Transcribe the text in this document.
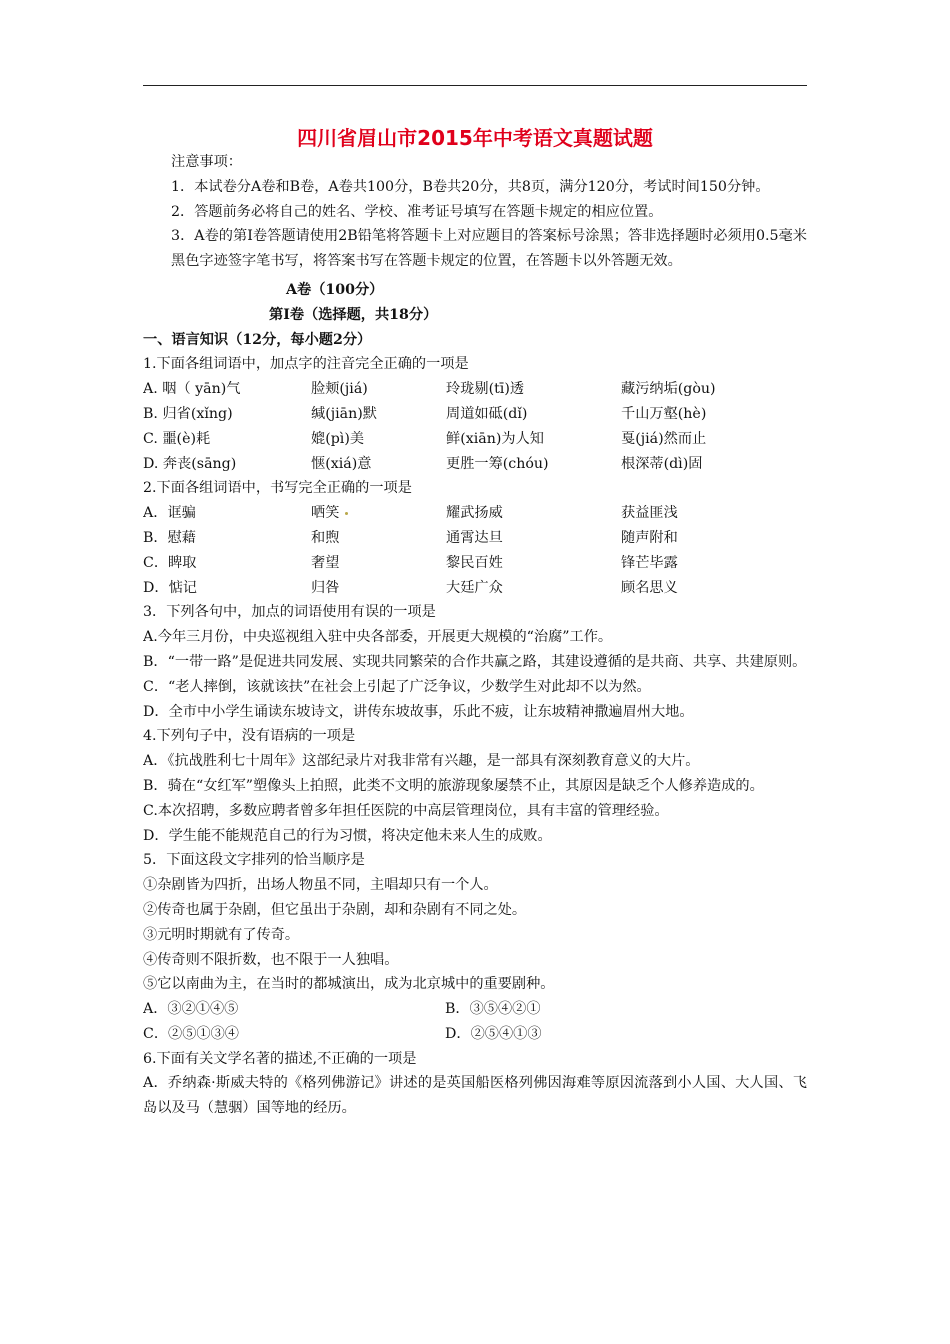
四川省眉山市2015年中考语文真题试题
注意事项：
1．本试卷分A卷和B卷，A卷共100分，B卷共20分，共8页，满分120分，考试时间150分钟。
2．答题前务必将自己的姓名、学校、准考证号填写在答题卡规定的相应位置。
3．A卷的第Ⅰ卷答题请使用2B铅笔将答题卡上对应题目的答案标号涂黑；答非选择题时必须用0.5毫米黑色字迹签字笔书写，将答案书写在答题卡规定的位置，在答题卡以外答题无效。
A卷（100分）
第Ⅰ卷（选择题，共18分）
一、语言知识（12分，每小题2分）
1.下面各组词语中，加点字的注音完全正确的一项是
A. 咽（ yān)气	脸颊(jiá)	玲珑剔(tī)透	藏污纳垢(gòu)
B. 归省(xǐng)	缄(jiān)默	周道如砥(dǐ)	千山万壑(hè)
C. 噩(è)耗	媲(pì)美	鲜(xiān)为人知	戛(jiá)然而止
D. 奔丧(sāng)	惬(xiá)意	更胜一筹(chóu)	根深蒂(dì)固
2.下面各组词语中，书写完全正确的一项是
A．诓骗	哂笑	耀武扬威	获益匪浅
B．慰藉	和煦	通霄达旦	随声附和
C．睥取	奢望	黎民百姓	锋芒毕露
D．惦记	归咎	大廷广众	顾名思义
3．下列各句中，加点的词语使用有误的一项是
A.今年三月份，中央巡视组入驻中央各部委，开展更大规模的“治腐”工作。
B．“一带一路”是促进共同发展、实现共同繁荣的合作共赢之路，其建设遵循的是共商、共享、共建原则。
C．“老人摔倒，该就该扶”在社会上引起了广泛争议，少数学生对此却不以为然。
D．全市中小学生诵读东坡诗文，讲传东坡故事，乐此不疲，让东坡精神撒遍眉州大地。
4.下列句子中，没有语病的一项是
A．《抗战胜利七十周年》这部纪录片对我非常有兴趣，是一部具有深刻教育意义的大片。
B．骑在“女红军”塑像头上拍照，此类不文明的旅游现象屡禁不止，其原因是缺乏个人修养造成的。
C.本次招聘，多数应聘者曾多年担任医院的中高层管理岗位，具有丰富的管理经验。
D．学生能不能规范自己的行为习惯，将决定他未来人生的成败。
5．下面这段文字排列的恰当顺序是
①杂剧皆为四折，出场人物虽不同，主唱却只有一个人。
②传奇也属于杂剧，但它虽出于杂剧，却和杂剧有不同之处。
③元明时期就有了传奇。
④传奇则不限折数，也不限于一人独唱。
⑤它以南曲为主，在当时的都城演出，成为北京城中的重要剧种。
A．③②①④⑤	B．③⑤④②①
C．②⑤①③④	D．②⑤④①③
6.下面有关文学名著的描述,不正确的一项是
A．乔纳森·斯威夫特的《格列佛游记》讲述的是英国船医格列佛因海难等原因流落到小人国、大人国、飞岛以及马（慧骃）国等地的经历。
